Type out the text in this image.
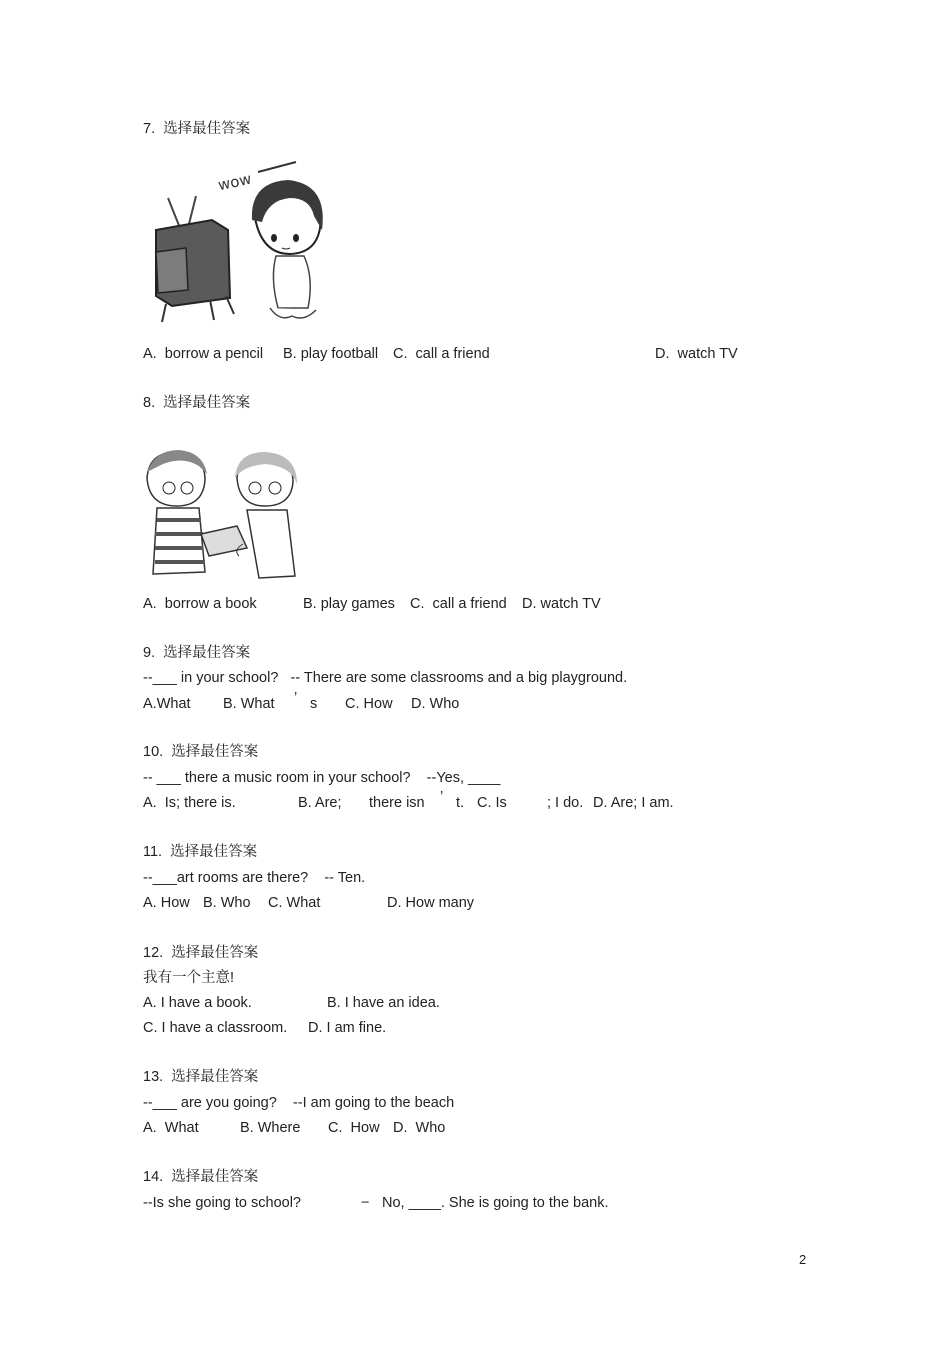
7.  选择最佳答案
wow
A.  borrow a pencil B. play football C.  call a friend	D.  watch TV
8.  选择最佳答案
A.  borrow a book	B. play games C.  call a friend D. watch TV
9.  选择最佳答案
--___ in your school?   -- There are some classrooms and a big playground.
A.What B. What ’ s C. How D. Who
10.  选择最佳答案
-- ___ there a music room in your school?    --Yes, ____
A.  Is; there is.	B. Are; there isn ’ t. C. Is	; I do. D. Are; I am.
11.  选择最佳答案
--___art rooms are there?    -- Ten.
A. How B. Who C. What	D. How many
12.  选择最佳答案
我有一个主意!
A. I have a book.	B. I have an idea.
C. I have a classroom. D. I am fine.
13.  选择最佳答案
--___ are you going?    --I am going to the beach
A.  What	B. Where C.  How D.  Who
14.  选择最佳答案
--Is she going to school?	− No, ____. She is going to the bank.
2
